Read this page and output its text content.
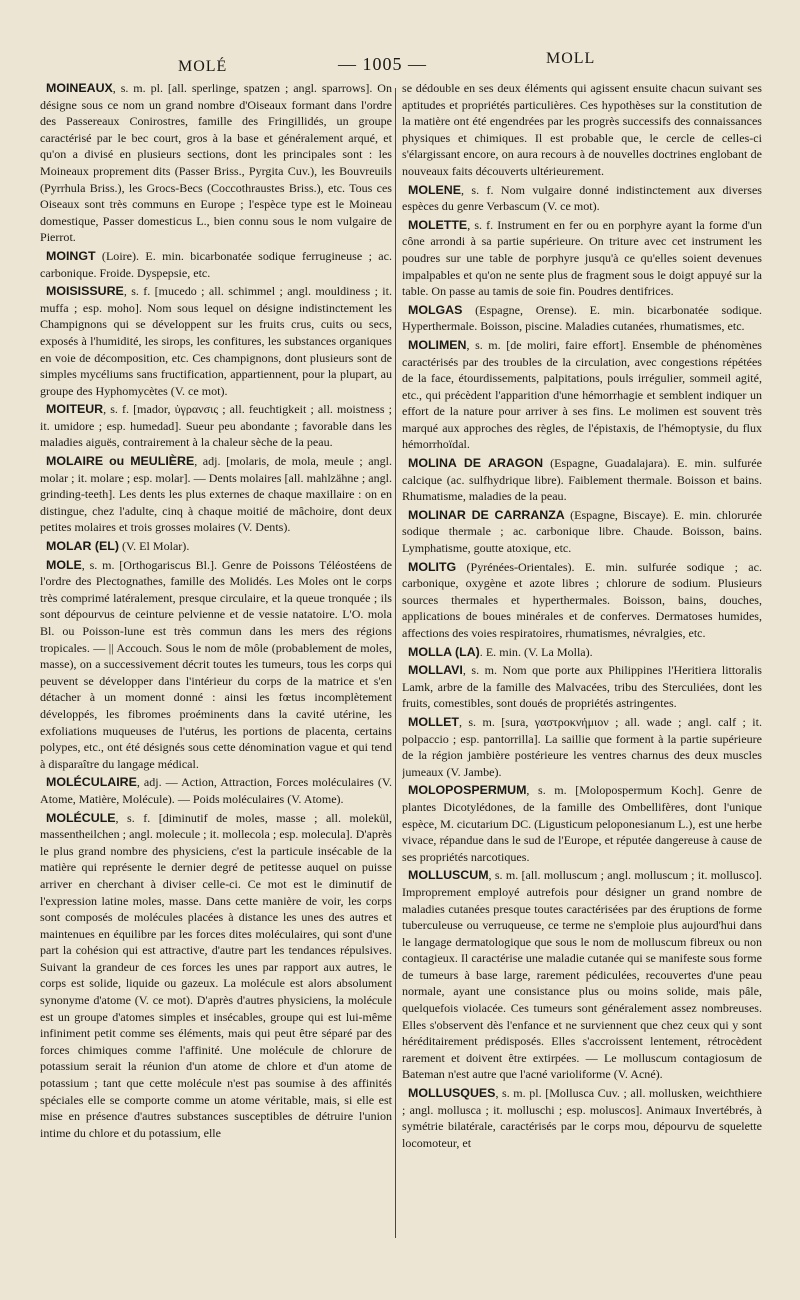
MOLÉ	— 1005 —	MOLL

MOINEAUX, s. m. pl. [all. sperlinge, spatzen ; angl. sparrows]. On désigne sous ce nom un grand nombre d'Oiseaux formant dans l'ordre des Passereaux Conirostres, famille des Fringillidés, un groupe caractérisé par le bec court, gros à la base et généralement arqué, et qu'on a divisé en plusieurs sections, dont les principales sont : les Moineaux proprement dits (Passer Briss., Pyrgita Cuv.), les Bouvreuils (Pyrrhula Briss.), les Grocs-Becs (Coccothraustes Briss.), etc. Tous ces Oiseaux sont très communs en Europe ; l'espèce type est le Moineau domestique, Passer domesticus L., bien connu sous le nom vulgaire de Pierrot.

MOINGT (Loire). E. min. bicarbonatée sodique ferrugineuse ; ac. carbonique. Froide. Dyspepsie, etc.

MOISISSURE, s. f. [mucedo ; all. schimmel ; angl. mouldiness ; it. muffa ; esp. moho]. Nom sous lequel on désigne indistinctement les Champignons qui se développent sur les fruits crus, cuits ou secs, exposés à l'humidité, les sirops, les confitures, les substances organiques en voie de décomposition, etc. Ces champignons, dont plusieurs sont de simples mycéliums sans fructification, appartiennent, pour la plupart, au groupe des Hyphomycètes (V. ce mot).

MOITEUR, s. f. [mador, ὑγρανσις ; all. feuchtigkeit ; all. moistness ; it. umidore ; esp. humedad]. Sueur peu abondante ; favorable dans les maladies aiguës, contrairement à la chaleur sèche de la peau.

MOLAIRE ou MEULIÈRE, adj. [molaris, de mola, meule ; angl. molar ; it. molare ; esp. molar]. — Dents molaires [all. mahlzähne ; angl. grinding-teeth]. Les dents les plus externes de chaque maxillaire : on en distingue, chez l'adulte, cinq à chaque moitié de mâchoire, dont deux petites molaires et trois grosses molaires (V. Dents).

MOLAR (EL) (V. El Molar).

MOLE, s. m. [Orthogariscus Bl.]. Genre de Poissons Téléostéens de l'ordre des Plectognathes, famille des Molidés. Les Moles ont le corps très comprimé latéralement, presque circulaire, et la queue tronquée ; ils sont dépourvus de ceinture pelvienne et de vessie natatoire. L'O. mola Bl. ou Poisson-lune est très commun dans les mers des régions tropicales. — || Accouch. Sous le nom de môle (probablement de moles, masse), on a successivement décrit toutes les tumeurs, tous les corps qui peuvent se développer dans l'intérieur du corps de la matrice et s'en détacher à un moment donné : ainsi les fœtus incomplètement développés, les fibromes proéminents dans la cavité utérine, les exfoliations muqueuses de l'utérus, les portions de placenta, certains polypes, etc., ont été désignés sous cette dénomination vague et qui tend à disparaître du langage médical.

MOLÉCULAIRE, adj. — Action, Attraction, Forces moléculaires (V. Atome, Matière, Molécule). — Poids moléculaires (V. Atome).

MOLÉCULE, s. f. [diminutif de moles, masse ; all. molekül, massentheilchen ; angl. molecule ; it. mollecola ; esp. molecula]. D'après le plus grand nombre des physiciens, c'est la particule insécable de la matière qui représente le dernier degré de petitesse auquel on puisse arriver en cherchant à diviser celle-ci. Ce mot est le diminutif de l'expression latine moles, masse. Dans cette manière de voir, les corps sont composés de molécules placées à distance les unes des autres et maintenues en équilibre par les forces dites moléculaires, qui sont d'une part la cohésion qui est attractive, d'autre part les tendances répulsives. Suivant la grandeur de ces forces les unes par rapport aux autres, le corps est solide, liquide ou gazeux. La molécule est alors absolument synonyme d'atome (V. ce mot). D'après d'autres physiciens, la molécule est un groupe d'atomes simples et insécables, groupe qui est lui-même infiniment petit comme ses éléments, mais qui peut être séparé par des forces chimiques comme l'affinité. Une molécule de chlorure de potassium serait la réunion d'un atome de chlore et d'un atome de potassium ; tant que cette molécule n'est pas soumise à des affinités spéciales elle se comporte comme un atome véritable, mais, si elle est mise en présence d'autres substances susceptibles de détruire l'union intime du chlore et du potassium, elle

se dédouble en ses deux éléments qui agissent ensuite chacun suivant ses aptitudes et propriétés particulières. Ces hypothèses sur la constitution de la matière ont été engendrées par les progrès successifs des connaissances physiques et chimiques. Il est probable que, le cercle de celles-ci s'élargissant encore, on aura recours à de nouvelles doctrines englobant de nouveaux faits découverts ultérieurement.

MOLENE, s. f. Nom vulgaire donné indistinctement aux diverses espèces du genre Verbascum (V. ce mot).

MOLETTE, s. f. Instrument en fer ou en porphyre ayant la forme d'un cône arrondi à sa partie supérieure. On triture avec cet instrument les poudres sur une table de porphyre jusqu'à ce qu'elles soient devenues impalpables et qu'on ne sente plus de fragment sous le doigt appuyé sur la table. On passe au tamis de soie fin. Poudres dentifrices.

MOLGAS (Espagne, Orense). E. min. bicarbonatée sodique. Hyperthermale. Boisson, piscine. Maladies cutanées, rhumatismes, etc.

MOLIMEN, s. m. [de moliri, faire effort]. Ensemble de phénomènes caractérisés par des troubles de la circulation, avec congestions répétées de la face, étourdissements, palpitations, pouls irrégulier, sommeil agité, etc., qui précèdent l'apparition d'une hémorrhagie et semblent indiquer un effort de la nature pour arriver à ses fins. Le molimen est souvent très marqué aux approches des règles, de l'épistaxis, de l'hémoptysie, du flux hémorrhoïdal.

MOLINA DE ARAGON (Espagne, Guadalajara). E. min. sulfurée calcique (ac. sulfhydrique libre). Faiblement thermale. Boisson et bains. Rhumatisme, maladies de la peau.

MOLINAR DE CARRANZA (Espagne, Biscaye). E. min. chlorurée sodique thermale ; ac. carbonique libre. Chaude. Boisson, bains. Lymphatisme, goutte atoxique, etc.

MOLITG (Pyrénées-Orientales). E. min. sulfurée sodique ; ac. carbonique, oxygène et azote libres ; chlorure de sodium. Plusieurs sources thermales et hyperthermales. Boisson, bains, douches, applications de boues minérales et de conferves. Dermatoses humides, affections des voies respiratoires, rhumatismes, névralgies, etc.

MOLLA (LA). E. min. (V. La Molla).

MOLLAVI, s. m. Nom que porte aux Philippines l'Heritiera littoralis Lamk, arbre de la famille des Malvacées, tribu des Sterculiées, dont les fruits, comestibles, sont doués de propriétés astringentes.

MOLLET, s. m. [sura, γαστροκνήμιον ; all. wade ; angl. calf ; it. polpaccio ; esp. pantorrilla]. La saillie que forment à la partie supérieure de la région jambière postérieure les ventres charnus des deux muscles jumeaux (V. Jambe).

MOLOPOSPERMUM, s. m. [Molopospermum Koch]. Genre de plantes Dicotylédones, de la famille des Ombellifères, dont l'unique espèce, M. cicutarium DC. (Ligusticum peloponesianum L.), est une herbe vivace, répandue dans le sud de l'Europe, et réputée dangereuse à cause de ses propriétés narcotiques.

MOLLUSCUM, s. m. [all. molluscum ; angl. molluscum ; it. mollusco]. Improprement employé autrefois pour désigner un grand nombre de maladies cutanées presque toutes caractérisées par des éruptions de forme tuberculeuse ou verruqueuse, ce terme ne s'emploie plus aujourd'hui dans le langage dermatologique que sous le nom de molluscum fibreux ou non contagieux. Il caractérise une maladie cutanée qui se manifeste sous forme de tumeurs à base large, rarement pédiculées, recouvertes d'une peau normale, ayant une consistance plus ou moins solide, mais pâle, quelquefois violacée. Ces tumeurs sont généralement assez nombreuses. Elles s'observent dès l'enfance et ne surviennent que chez ceux qui y sont héréditairement prédisposés. Elles s'accroissent lentement, rétrocèdent rarement et doivent être extirpées. — Le molluscum contagiosum de Bateman n'est autre que l'acné varioliforme (V. Acné).

MOLLUSQUES, s. m. pl. [Mollusca Cuv. ; all. mollusken, weichthiere ; angl. mollusca ; it. molluschi ; esp. moluscos]. Animaux Invertébrés, à symétrie bilatérale, caractérisés par le corps mou, dépourvu de squelette locomoteur, et
